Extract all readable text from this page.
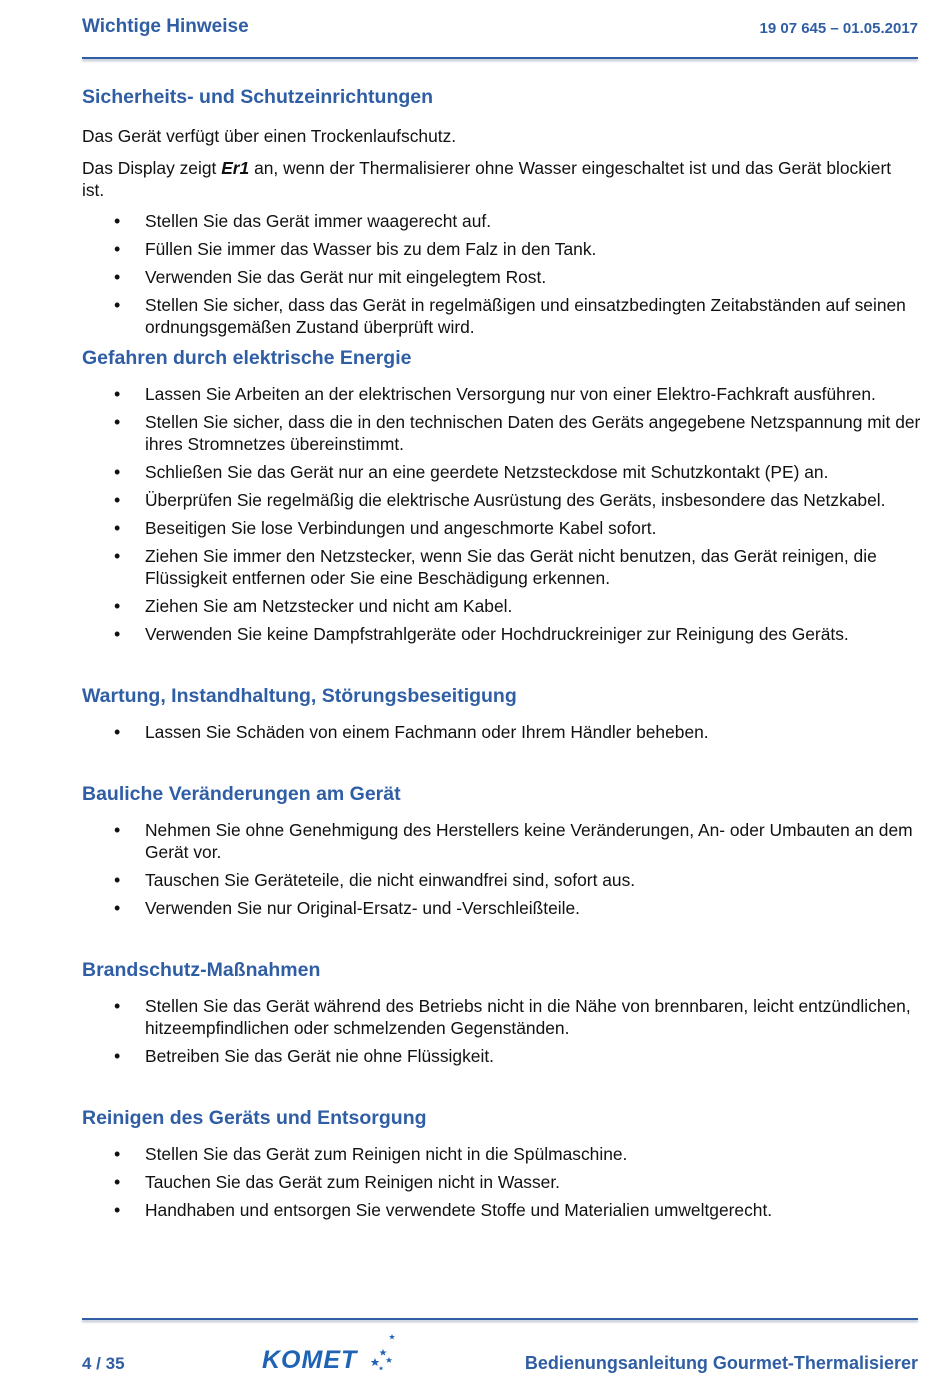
Wichtige Hinweise	19 07 645 – 01.05.2017
Sicherheits- und Schutzeinrichtungen

Das Gerät verfügt über einen Trockenlaufschutz.

Das Display zeigt Er1 an, wenn der Thermalisierer ohne Wasser eingeschaltet ist und das Gerät blockiert ist.

• Stellen Sie das Gerät immer waagerecht auf.
• Füllen Sie immer das Wasser bis zu dem Falz in den Tank.
• Verwenden Sie das Gerät nur mit eingelegtem Rost.
• Stellen Sie sicher, dass das Gerät in regelmäßigen und einsatzbedingten Zeitabständen auf seinen ordnungsgemäßen Zustand überprüft wird.
Gefahren durch elektrische Energie
• Lassen Sie Arbeiten an der elektrischen Versorgung nur von einer Elektro-Fachkraft ausführen.
• Stellen Sie sicher, dass die in den technischen Daten des Geräts angegebene Netzspannung mit der ihres Stromnetzes übereinstimmt.
• Schließen Sie das Gerät nur an eine geerdete Netzsteckdose mit Schutzkontakt (PE) an.
• Überprüfen Sie regelmäßig die elektrische Ausrüstung des Geräts, insbesondere das Netzkabel.
• Beseitigen Sie lose Verbindungen und angeschmorte Kabel sofort.
• Ziehen Sie immer den Netzstecker, wenn Sie das Gerät nicht benutzen, das Gerät reinigen, die Flüssigkeit entfernen oder Sie eine Beschädigung erkennen.
• Ziehen Sie am Netzstecker und nicht am Kabel.
• Verwenden Sie keine Dampfstrahlgeräte oder Hochdruckreiniger zur Reinigung des Geräts.
Wartung, Instandhaltung, Störungsbeseitigung
• Lassen Sie Schäden von einem Fachmann oder Ihrem Händler beheben.
Bauliche Veränderungen am Gerät
• Nehmen Sie ohne Genehmigung des Herstellers keine Veränderungen, An- oder Umbauten an dem Gerät vor.
• Tauschen Sie Geräteteile, die nicht einwandfrei sind, sofort aus.
• Verwenden Sie nur Original-Ersatz- und -Verschleißteile.
Brandschutz-Maßnahmen
• Stellen Sie das Gerät während des Betriebs nicht in die Nähe von brennbaren, leicht entzündlichen, hitzeempfindlichen oder schmelzenden Gegenständen.
• Betreiben Sie das Gerät nie ohne Flüssigkeit.
Reinigen des Geräts und Entsorgung
• Stellen Sie das Gerät zum Reinigen nicht in die Spülmaschine.
• Tauchen Sie das Gerät zum Reinigen nicht in Wasser.
• Handhaben und entsorgen Sie verwendete Stoffe und Materialien umweltgerecht.
4 / 35	KOMET	Bedienungsanleitung Gourmet-Thermalisierer
